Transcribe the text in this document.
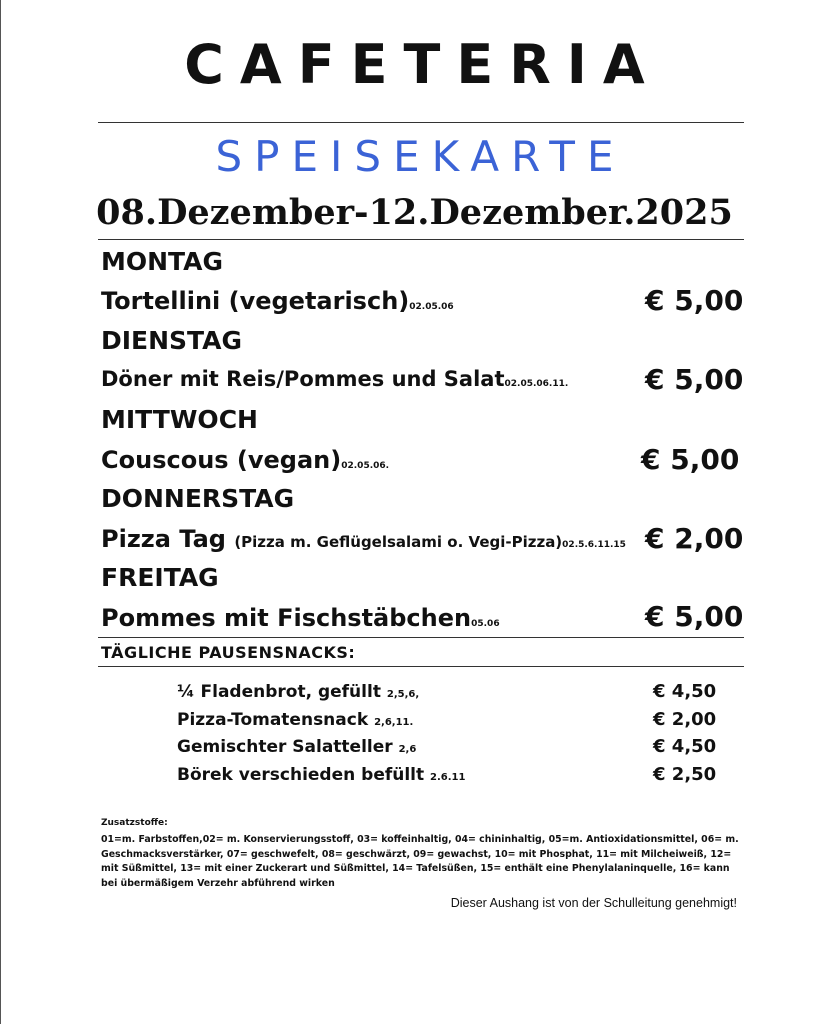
CAFETERIA
SPEISEKARTE
08.Dezember-12.Dezember.2025
MONTAG
Tortellini (vegetarisch)02.05.06	€ 5,00
DIENSTAG
Döner mit Reis/Pommes und Salat02.05.06.11.	€ 5,00
MITTWOCH
Couscous (vegan)02.05.06.	€ 5,00
DONNERSTAG
Pizza Tag (Pizza m. Geflügelsalami o. Vegi-Pizza)02.5.6.11.15 € 2,00
FREITAG
Pommes mit Fischstäbchen05.06	€ 5,00
TÄGLICHE PAUSENSNACKS:
¼ Fladenbrot, gefüllt 2,5,6,	€ 4,50
Pizza-Tomatensnack 2,6,11.	€ 2,00
Gemischter Salatteller 2,6	€ 4,50
Börek verschieden befüllt 2.6.11	€ 2,50
Zusatzstoffe:
01=m. Farbstoffen,02= m. Konservierungsstoff, 03= koffeinhaltig, 04= chininhaltig, 05=m. Antioxidationsmittel, 06= m. Geschmacksverstärker, 07= geschwefelt, 08= geschwärzt, 09= gewachst, 10= mit Phosphat, 11= mit Milcheiweiß, 12= mit Süßmittel, 13= mit einer Zuckerart und Süßmittel, 14= Tafelsüßen, 15= enthält eine Phenylalaninquelle, 16= kann bei übermäßigem Verzehr abführend wirken
Dieser Aushang ist von der Schulleitung genehmigt!
